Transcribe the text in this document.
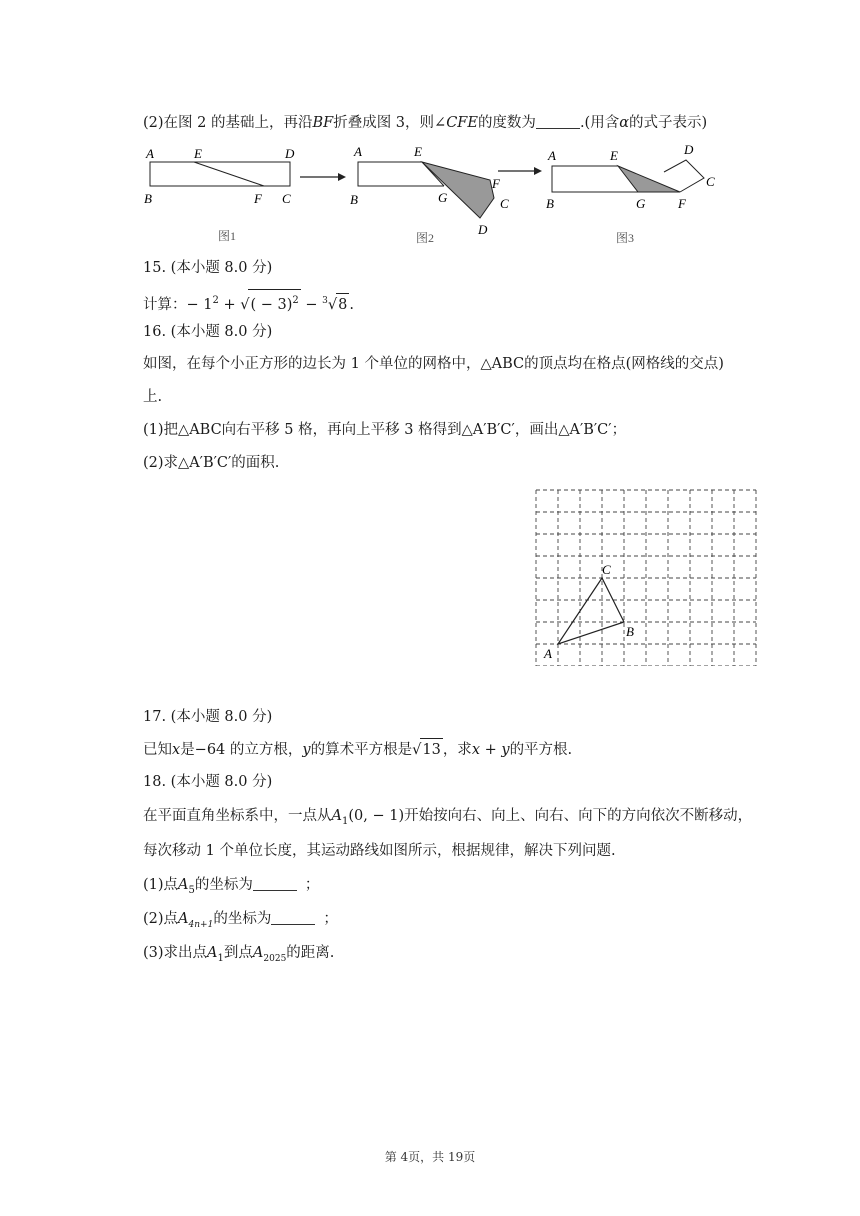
(2)在图 2 的基础上，再沿BF折叠成图 3，则∠CFE的度数为	.(用含α的式子表示)
A	E	D
B	F C
图1
A	E
B	G
F
C
D
图2
A	E	D
C
B	G	F
图3
15. (本小题 8.0 分)
计算：− $1^2$ + √( − 3)$^2$ − $^3$√8 .
16. (本小题 8.0 分)
如图，在每个小正方形的边长为 1 个单位的网格中，△ABC的顶点均在格点(网格线的交点)
上.
(1)把△ABC向右平移 5 格，再向上平移 3 格得到△A′B′C′，画出△A′B′C′；
(2)求△A′B′C′的面积.
A
C
B
17. (本小题 8.0 分)
已知x是−64 的立方根，y的算术平方根是√13 ，求x + y的平方根.
18. (本小题 8.0 分)
在平面直角坐标系中，一点从$A_1(0$, − 1)开始按向右、向上、向右、向下的方向依次不断移动，
每次移动 1 个单位长度，其运动路线如图所示，根据规律，解决下列问题.
(1)点$A_5$的坐标为	；
(2)点$A_{4n+1}$的坐标为	；
(3)求出点$A_1$到点$A_{2025}$的距离.
第 4页，共 19页
